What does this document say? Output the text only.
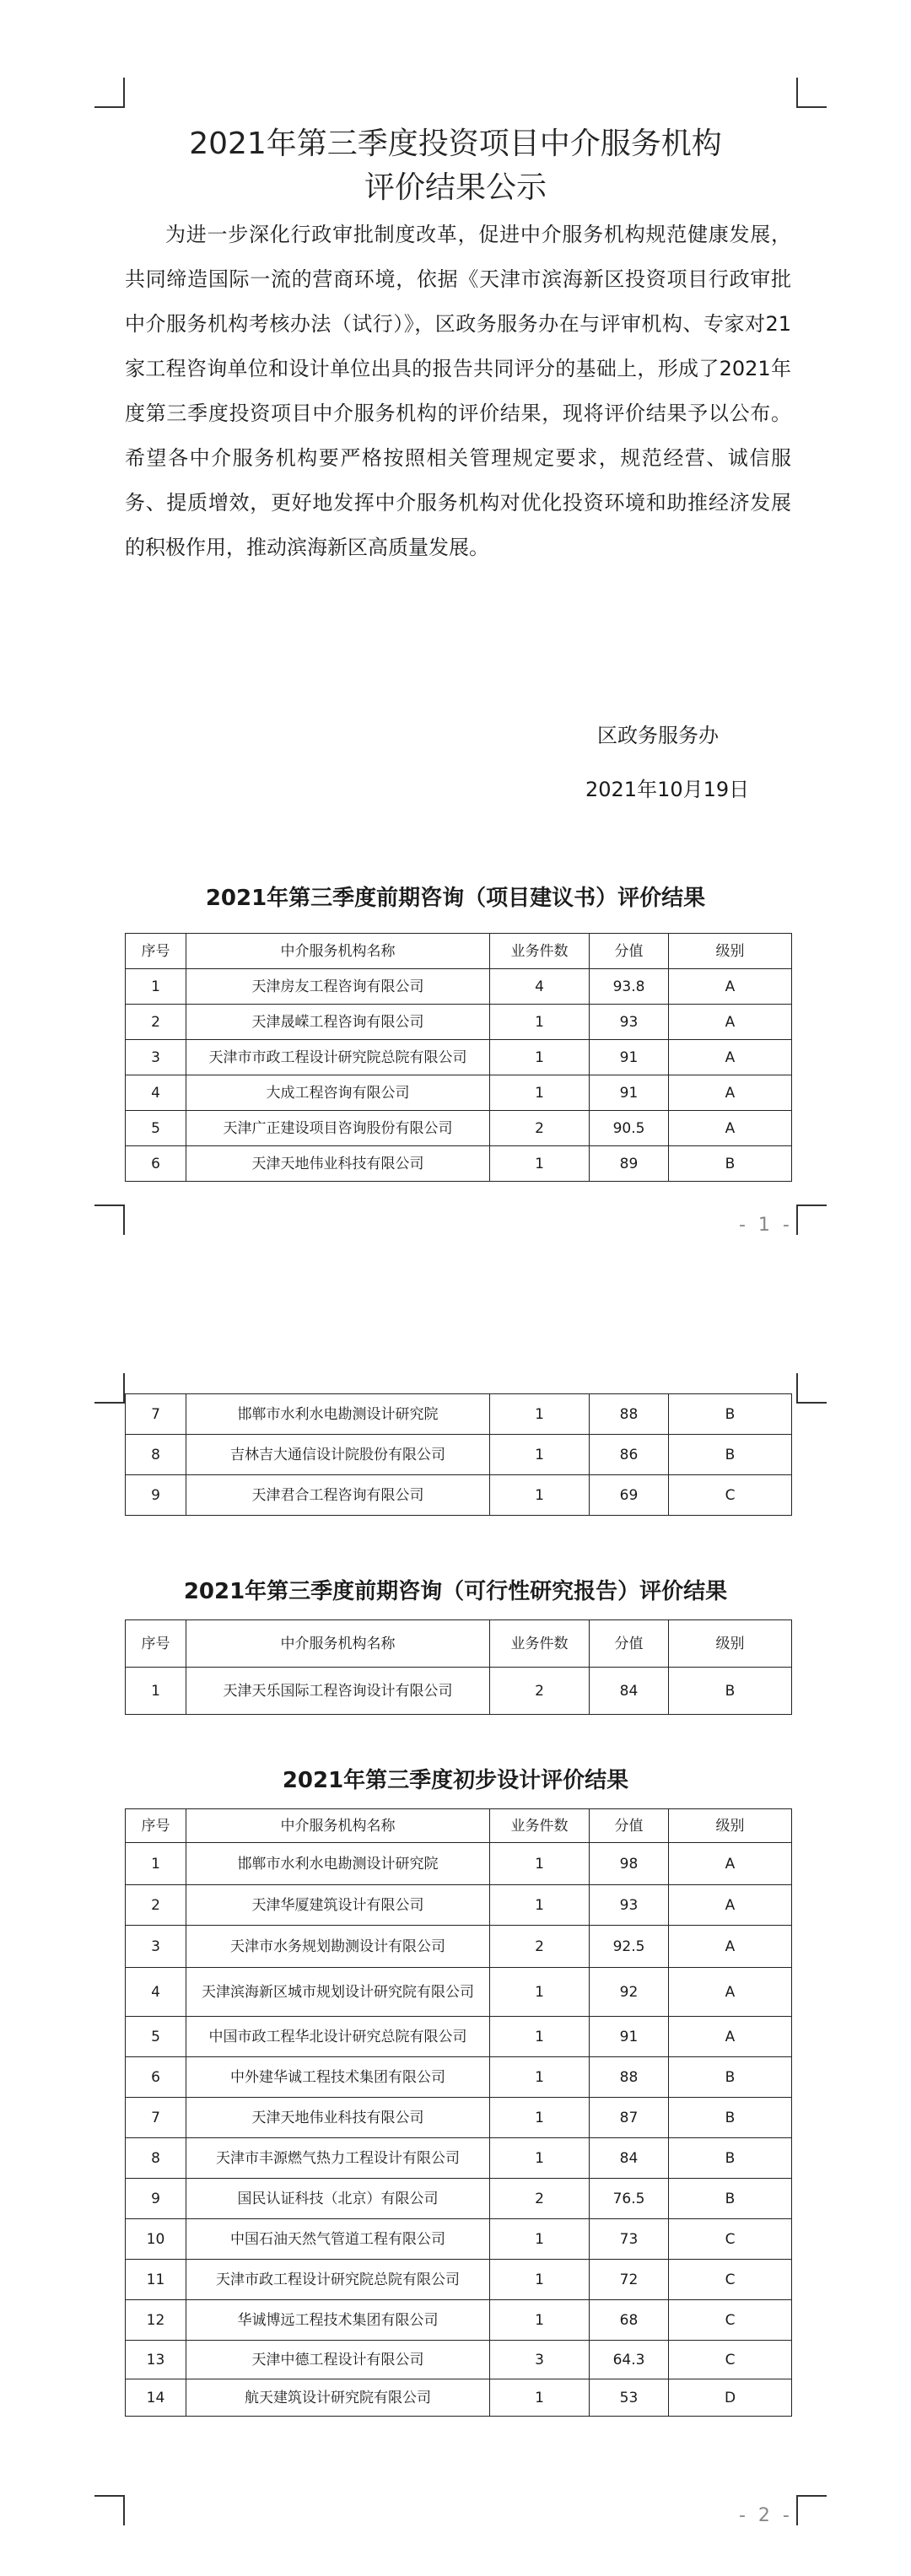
- 1 -
- 2 -
2021年第三季度投资项目中介服务机构
评价结果公示

为进一步深化行政审批制度改革，促进中介服务机构规范健康发展，共同缔造国际一流的营商环境，依据《天津市滨海新区投资项目行政审批中介服务机构考核办法（试行）》，区政务服务办在与评审机构、专家对21家工程咨询单位和设计单位出具的报告共同评分的基础上，形成了2021年度第三季度投资项目中介服务机构的评价结果，现将评价结果予以公布。希望各中介服务机构要严格按照相关管理规定要求，规范经营、诚信服务、提质增效，更好地发挥中介服务机构对优化投资环境和助推经济发展的积极作用，推动滨海新区高质量发展。

区政务服务办
2021年10月19日
2021年第三季度前期咨询（项目建议书）评价结果
序号	中介服务机构名称	业务件数	分值	级别
1	天津房友工程咨询有限公司	4	93.8	A
2	天津晟嵘工程咨询有限公司	1	93	A
3	天津市市政工程设计研究院总院有限公司	1	91	A
4	大成工程咨询有限公司	1	91	A
5	天津广正建设项目咨询股份有限公司	2	90.5	A
6	天津天地伟业科技有限公司	1	89	B
7	邯郸市水利水电勘测设计研究院	1	88	B
8	吉林吉大通信设计院股份有限公司	1	86	B
9	天津君合工程咨询有限公司	1	69	C
2021年第三季度前期咨询（可行性研究报告）评价结果
序号	中介服务机构名称	业务件数	分值	级别
1	天津天乐国际工程咨询设计有限公司	2	84	B
2021年第三季度初步设计评价结果
序号	中介服务机构名称	业务件数	分值	级别
1	邯郸市水利水电勘测设计研究院	1	98	A
2	天津华厦建筑设计有限公司	1	93	A
3	天津市水务规划勘测设计有限公司	2	92.5	A
4	天津滨海新区城市规划设计研究院有限公司	1	92	A
5	中国市政工程华北设计研究总院有限公司	1	91	A
6	中外建华诚工程技术集团有限公司	1	88	B
7	天津天地伟业科技有限公司	1	87	B
8	天津市丰源燃气热力工程设计有限公司	1	84	B
9	国民认证科技（北京）有限公司	2	76.5	B
10	中国石油天然气管道工程有限公司	1	73	C
11	天津市政工程设计研究院总院有限公司	1	72	C
12	华诚博远工程技术集团有限公司	1	68	C
13	天津中德工程设计有限公司	3	64.3	C
14	航天建筑设计研究院有限公司	1	53	D
